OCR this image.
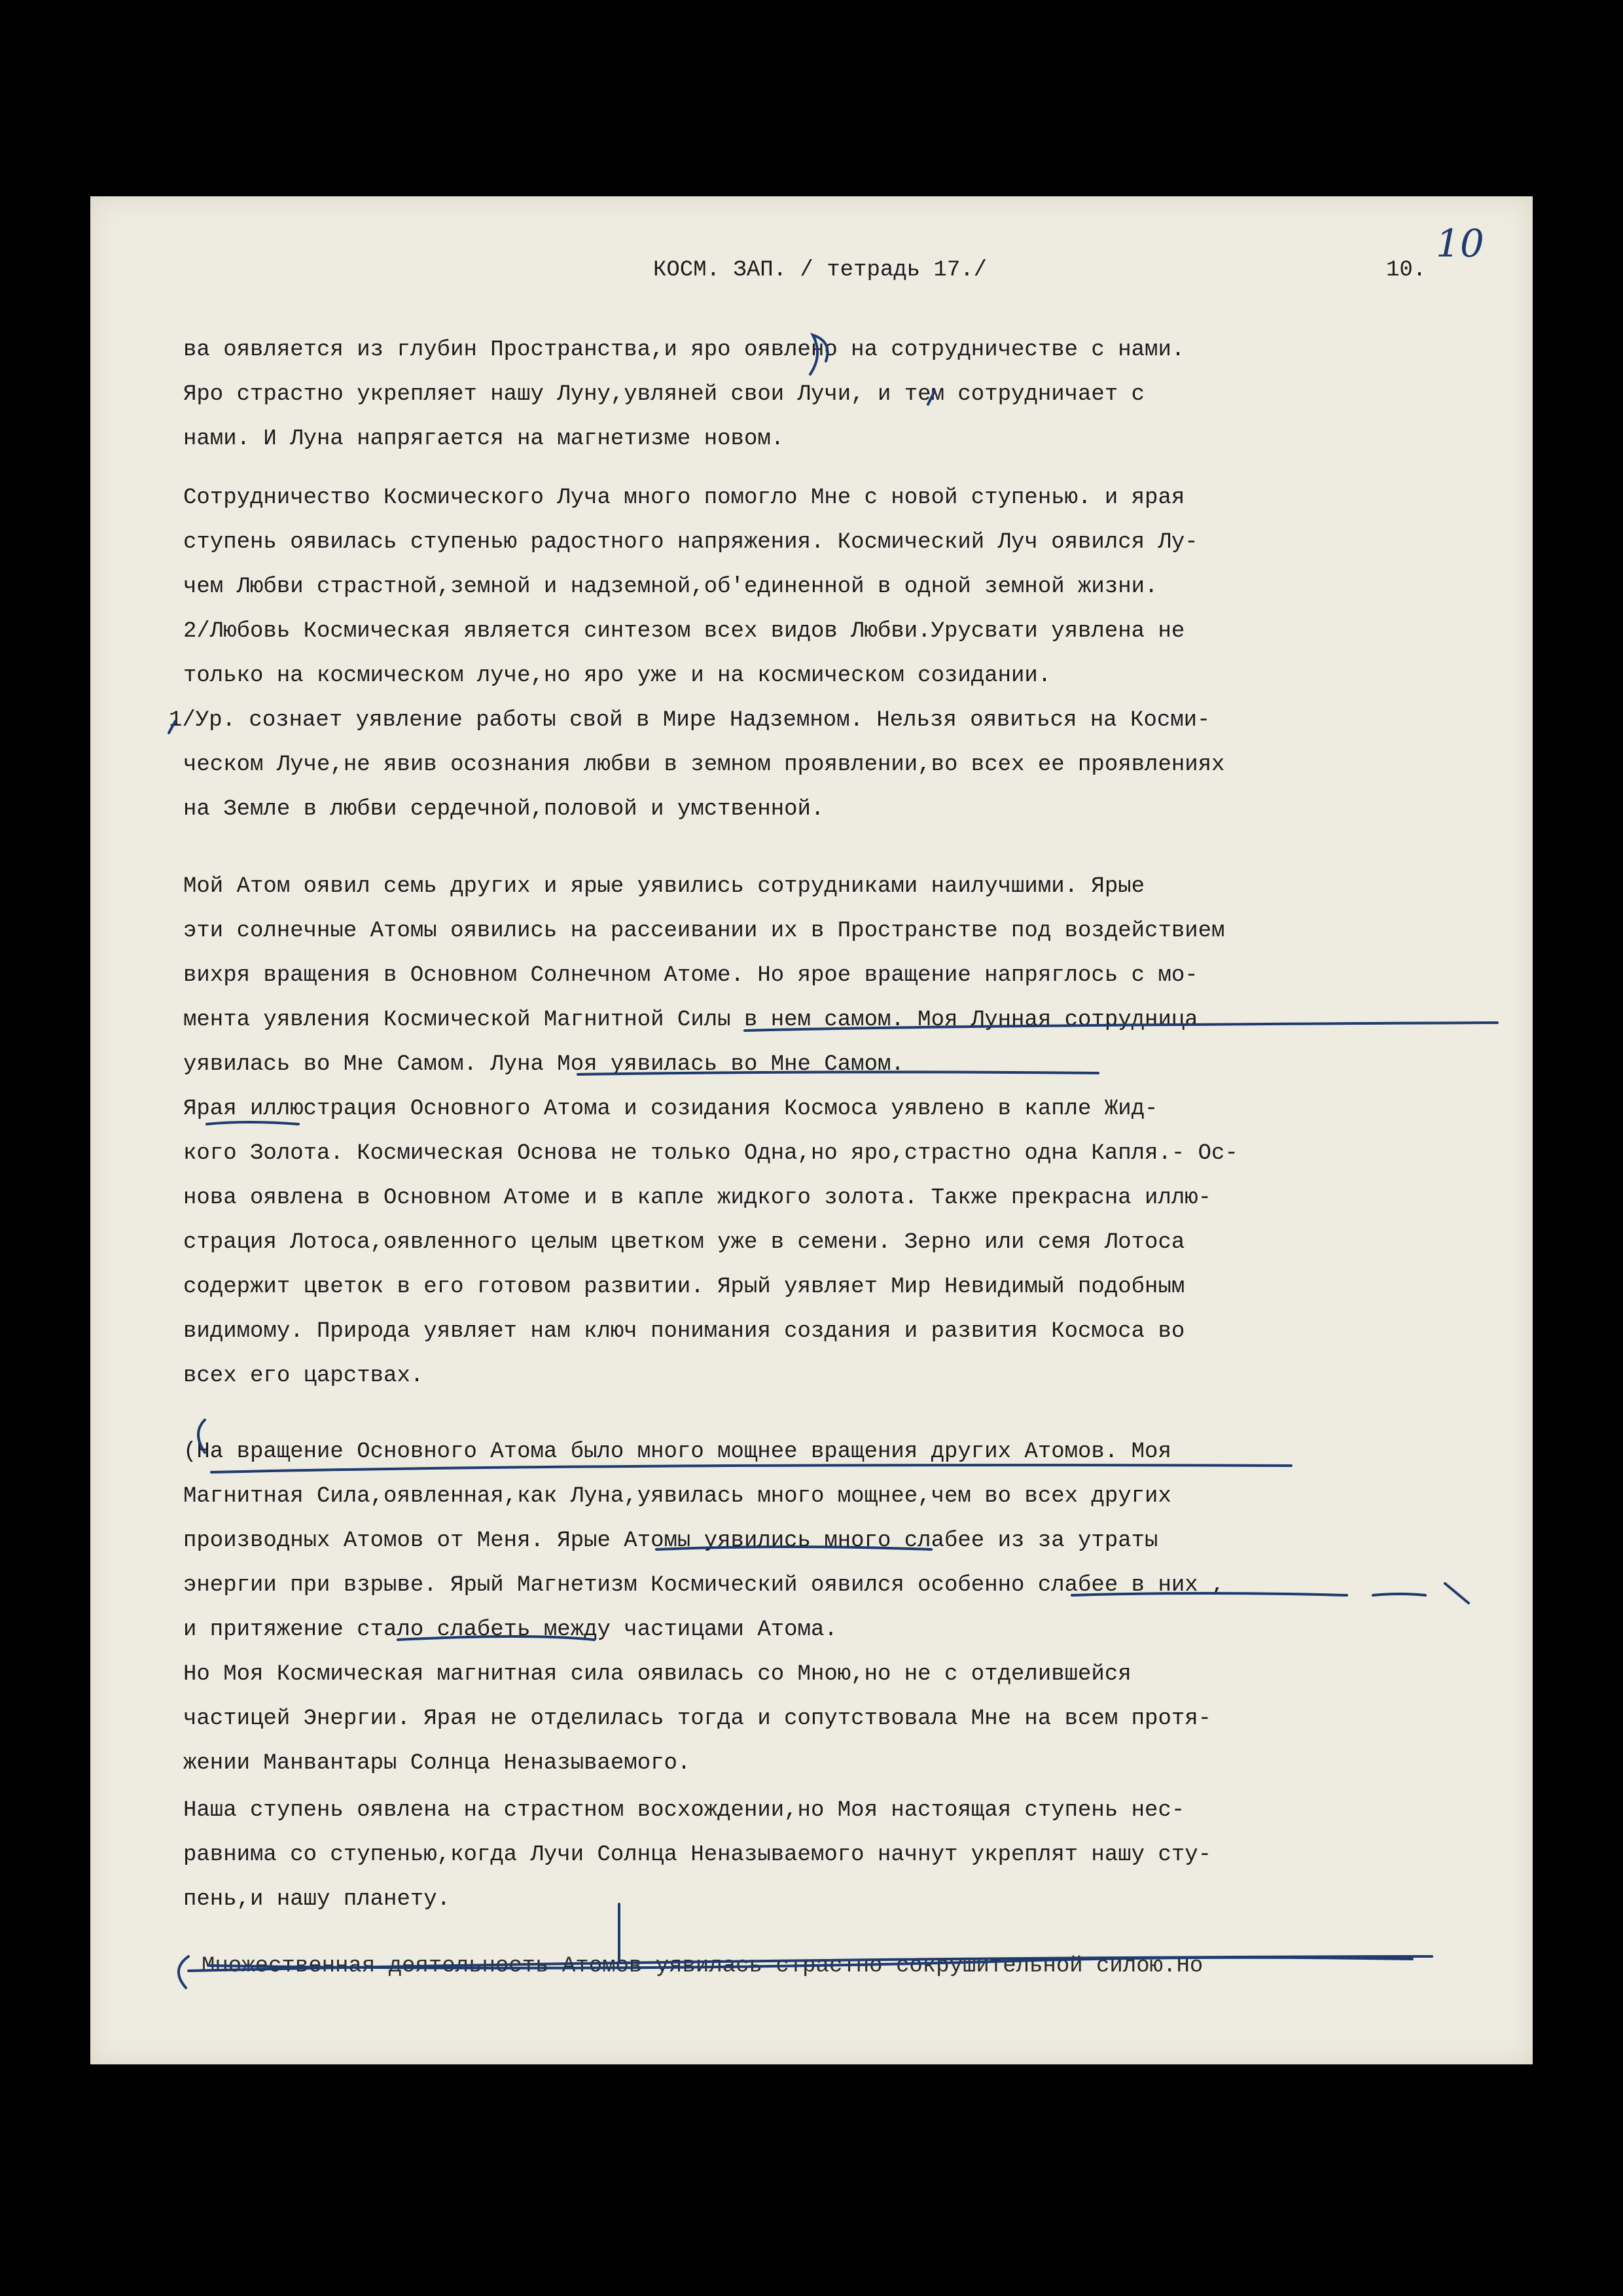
КОСМ. ЗАП. / тетрадь 17./	10.
10
ва оявляется из глубин Пространства,и яро оявлено на сотрудничестве с нами.
Яро страстно укрепляет нашу Луну,увляней свои Лучи, и тем сотрудничает с
нами. И Луна напрягается на магнетизме новом.
Сотрудничество Космического Луча много помогло Мне с новой ступенью. и ярая
ступень оявилась ступенью радостного напряжения. Космический Луч оявился Лу-
чем Любви страстной,земной и надземной,об'единенной в одной земной жизни.
2/Любовь Космическая является синтезом всех видов Любви.Урусвати уявлена не
только на космическом луче,но яро уже и на космическом созидании.
1/Ур. сознает уявление работы свой в Мире Надземном. Нельзя оявиться на Косми-
ческом Луче,не явив осознания любви в земном проявлении,во всех ее проявлениях
на Земле в любви сердечной,половой и умственной.
Мой Атом оявил семь других и ярые уявились сотрудниками наилучшими. Ярые
эти солнечные Атомы оявились на рассеивании их в Пространстве под воздействием
вихря вращения в Основном Солнечном Атоме. Но ярое вращение напряглось с мо-
мента уявления Космической Магнитной Силы в нем самом. Моя Лунная сотрудница
уявилась во Мне Самом. Луна Моя уявилась во Мне Самом.
Ярая иллюстрация Основного Атома и созидания Космоса уявлено в капле Жид-
кого Золота. Космическая Основа не только Одна,но яро,страстно одна Капля.- Ос-
нова оявлена в Основном Атоме и в капле жидкого золота. Также прекрасна иллю-
страция Лотоса,оявленного целым цветком уже в семени. Зерно или семя Лотоса
содержит цветок в его готовом развитии. Ярый уявляет Мир Невидимый подобным
видимому. Природа уявляет нам ключ понимания создания и развития Космоса во
всех его царствах.
(На вращение Основного Атома было много мощнее вращения других Атомов. Моя
Магнитная Сила,оявленная,как Луна,уявилась много мощнее,чем во всех других
производных Атомов от Меня. Ярые Атомы уявились много слабее из за утраты
энергии при взрыве. Ярый Магнетизм Космический оявился особенно слабее в них ,
и притяжение стало слабеть между частицами Атома.
Но Моя Космическая магнитная сила оявилась со Мною,но не с отделившейся
частицей Энергии. Ярая не отделилась тогда и сопутствовала Мне на всем протя-
жении Манвантары Солнца Неназываемого.
Наша ступень оявлена на страстном восхождении,но Моя настоящая ступень нес-
равнима со ступенью,когда Лучи Солнца Неназываемого начнут укреплят нашу сту-
пень,и нашу планету.
Множественная деятельность Атомов уявилась страстно сокрушительной силою.Но
